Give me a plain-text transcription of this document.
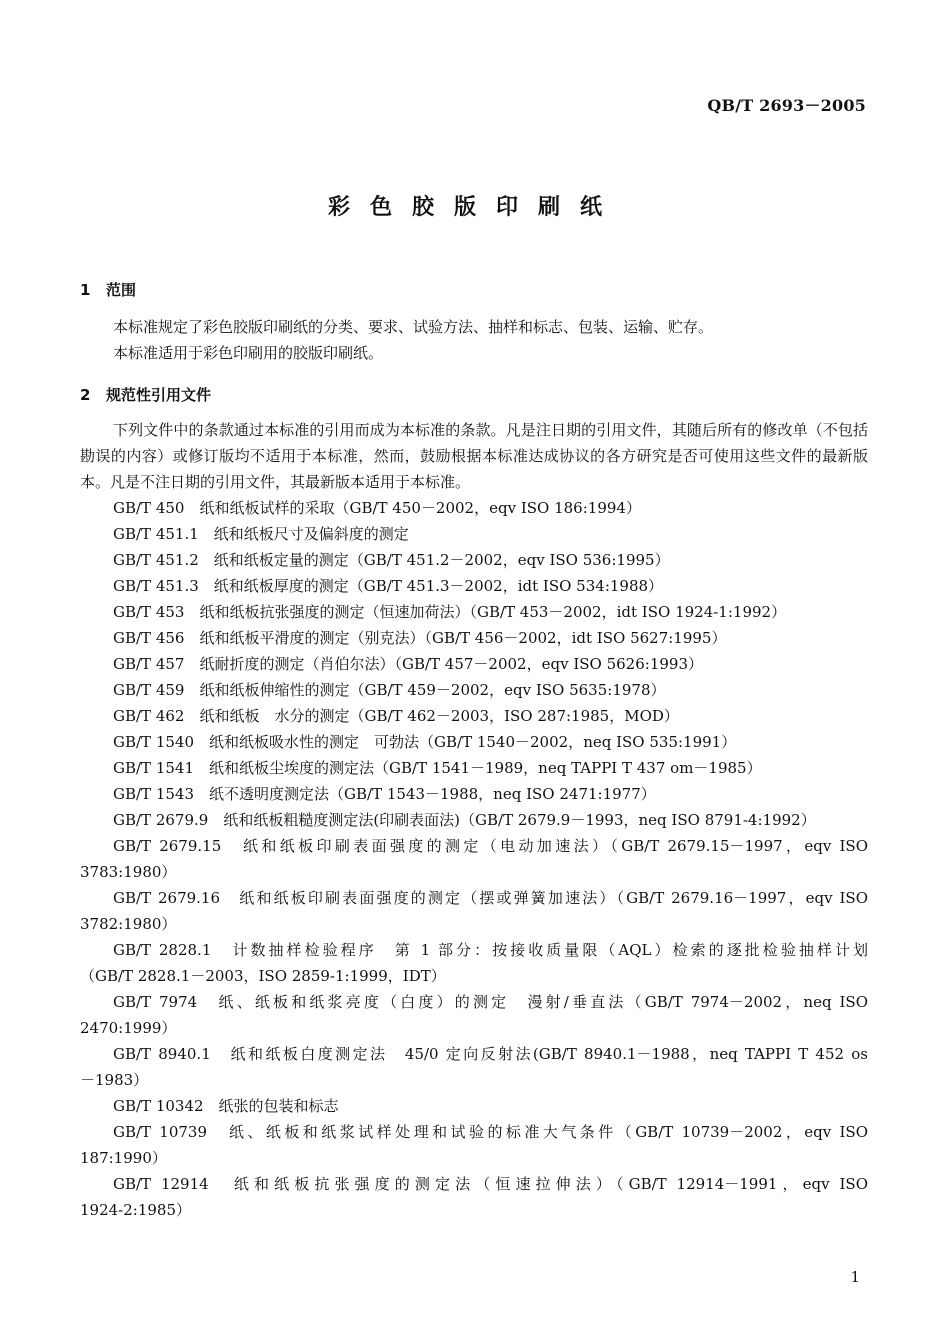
QB/T 2693－2005
彩色胶版印刷纸
1 范围
本标准规定了彩色胶版印刷纸的分类、要求、试验方法、抽样和标志、包装、运输、贮存。
本标准适用于彩色印刷用的胶版印刷纸。
2 规范性引用文件
下列文件中的条款通过本标准的引用而成为本标准的条款。凡是注日期的引用文件，其随后所有的修改单（不包括勘误的内容）或修订版均不适用于本标准，然而，鼓励根据本标准达成协议的各方研究是否可使用这些文件的最新版本。凡是不注日期的引用文件，其最新版本适用于本标准。
GB/T 450　纸和纸板试样的采取（GB/T 450－2002，eqv ISO 186:1994）
GB/T 451.1　纸和纸板尺寸及偏斜度的测定
GB/T 451.2　纸和纸板定量的测定（GB/T 451.2－2002，eqv ISO 536:1995）
GB/T 451.3　纸和纸板厚度的测定（GB/T 451.3－2002，idt ISO 534:1988）
GB/T 453　纸和纸板抗张强度的测定（恒速加荷法）（GB/T 453－2002，idt ISO 1924-1:1992）
GB/T 456　纸和纸板平滑度的测定（别克法）（GB/T 456－2002，idt ISO 5627:1995）
GB/T 457　纸耐折度的测定（肖伯尔法）（GB/T 457－2002，eqv ISO 5626:1993）
GB/T 459　纸和纸板伸缩性的测定（GB/T 459－2002，eqv ISO 5635:1978）
GB/T 462　纸和纸板　水分的测定（GB/T 462－2003，ISO 287:1985，MOD）
GB/T 1540　纸和纸板吸水性的测定　可勃法（GB/T 1540－2002，neq ISO 535:1991）
GB/T 1541　纸和纸板尘埃度的测定法（GB/T 1541－1989，neq TAPPI T 437 om－1985）
GB/T 1543　纸不透明度测定法（GB/T 1543－1988，neq ISO 2471:1977）
GB/T 2679.9　纸和纸板粗糙度测定法(印刷表面法)（GB/T 2679.9－1993，neq ISO 8791-4:1992）
GB/T 2679.15　纸和纸板印刷表面强度的测定（电动加速法）（GB/T 2679.15－1997，eqv ISO
3783:1980）
GB/T 2679.16　纸和纸板印刷表面强度的测定（摆或弹簧加速法）（GB/T 2679.16－1997，eqv ISO
3782:1980）
GB/T 2828.1　计数抽样检验程序　第 1 部分：按接收质量限（AQL）检索的逐批检验抽样计划
（GB/T 2828.1－2003，ISO 2859-1:1999，IDT）
GB/T 7974　纸、纸板和纸浆亮度（白度）的测定　漫射/垂直法（GB/T 7974－2002，neq ISO
2470:1999）
GB/T 8940.1　纸和纸板白度测定法　45/0 定向反射法(GB/T 8940.1－1988，neq TAPPI T 452 os
－1983）
GB/T 10342　纸张的包装和标志
GB/T 10739　纸、纸板和纸浆试样处理和试验的标准大气条件（GB/T 10739－2002，eqv ISO
187:1990）
GB/T 12914　纸和纸板抗张强度的测定法（恒速拉伸法）（GB/T 12914－1991，eqv ISO
1924-2:1985）
1
